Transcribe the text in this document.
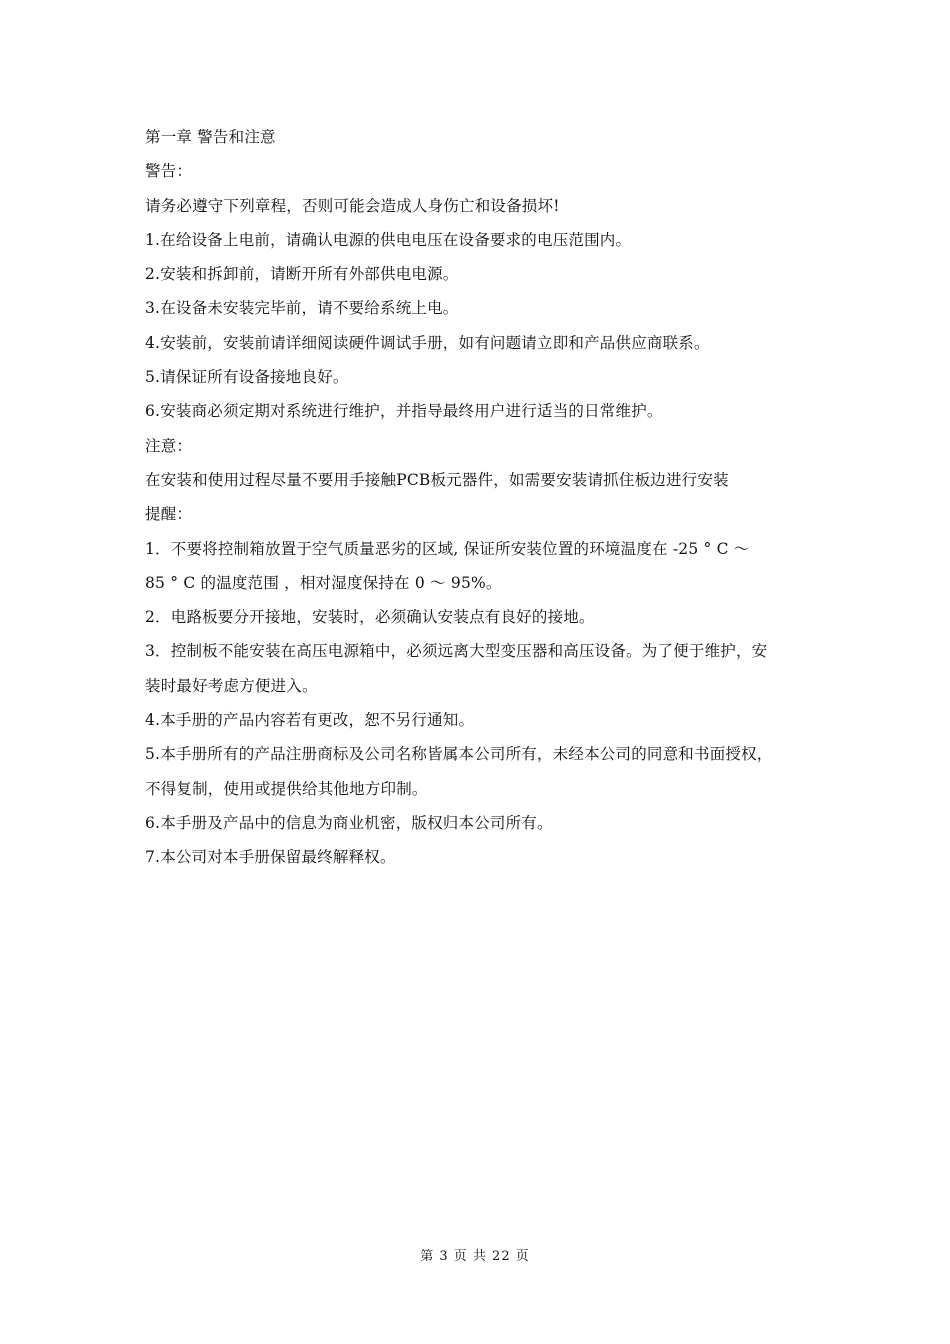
第一章 警告和注意
警告：
请务必遵守下列章程，否则可能会造成人身伤亡和设备损坏!
1.在给设备上电前，请确认电源的供电电压在设备要求的电压范围内。
2.安装和拆卸前，请断开所有外部供电电源。
3.在设备未安装完毕前，请不要给系统上电。
4.安装前，安装前请详细阅读硬件调试手册，如有问题请立即和产品供应商联系。
5.请保证所有设备接地良好。
6.安装商必须定期对系统进行维护，并指导最终用户进行适当的日常维护。
注意：
在安装和使用过程尽量不要用手接触PCB板元器件，如需要安装请抓住板边进行安装
提醒：
1．不要将控制箱放置于空气质量恶劣的区域, 保证所安装位置的环境温度在 -25 ° C ～
85 ° C 的温度范围 ，相对湿度保持在 0 ～ 95%。
2．电路板要分开接地，安装时，必须确认安装点有良好的接地。
3．控制板不能安装在高压电源箱中，必须远离大型变压器和高压设备。为了便于维护，安
装时最好考虑方便进入。
4.本手册的产品内容若有更改，恕不另行通知。
5.本手册所有的产品注册商标及公司名称皆属本公司所有，未经本公司的同意和书面授权，
不得复制，使用或提供给其他地方印制。
6.本手册及产品中的信息为商业机密，版权归本公司所有。
7.本公司对本手册保留最终解释权。
第 3 页 共 22 页
